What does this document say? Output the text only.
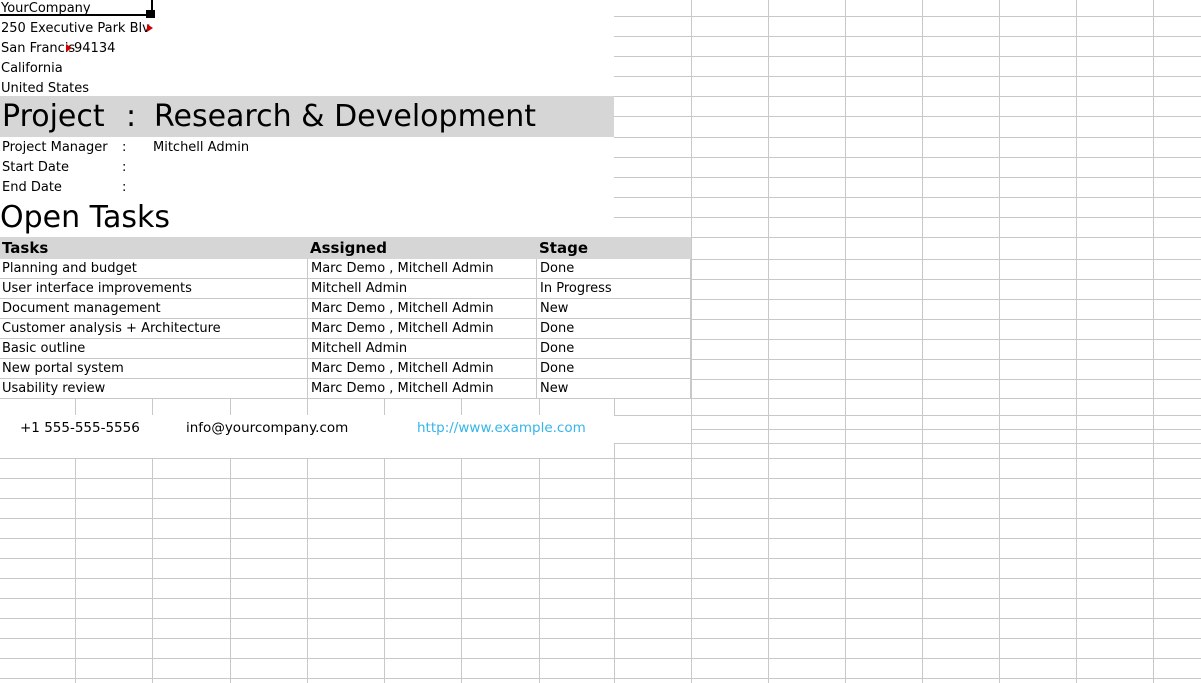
YourCompany
250 Executive Park Blv
San Francis
94134
California
United States
Project : Research & Development
Project Manager : Mitchell Admin
Start Date	:
End Date	:
Open Tasks
Tasks	Assigned	Stage
Planning and budget	Marc Demo , Mitchell Admin	Done
User interface improvements	Mitchell Admin	In Progress
Document management	Marc Demo , Mitchell Admin	New
Customer analysis + Architecture	Marc Demo , Mitchell Admin	Done
Basic outline	Mitchell Admin	Done
New portal system	Marc Demo , Mitchell Admin	Done
Usability review	Marc Demo , Mitchell Admin	New
+1 555-555-5556	info@yourcompany.com	http://www.example.com
